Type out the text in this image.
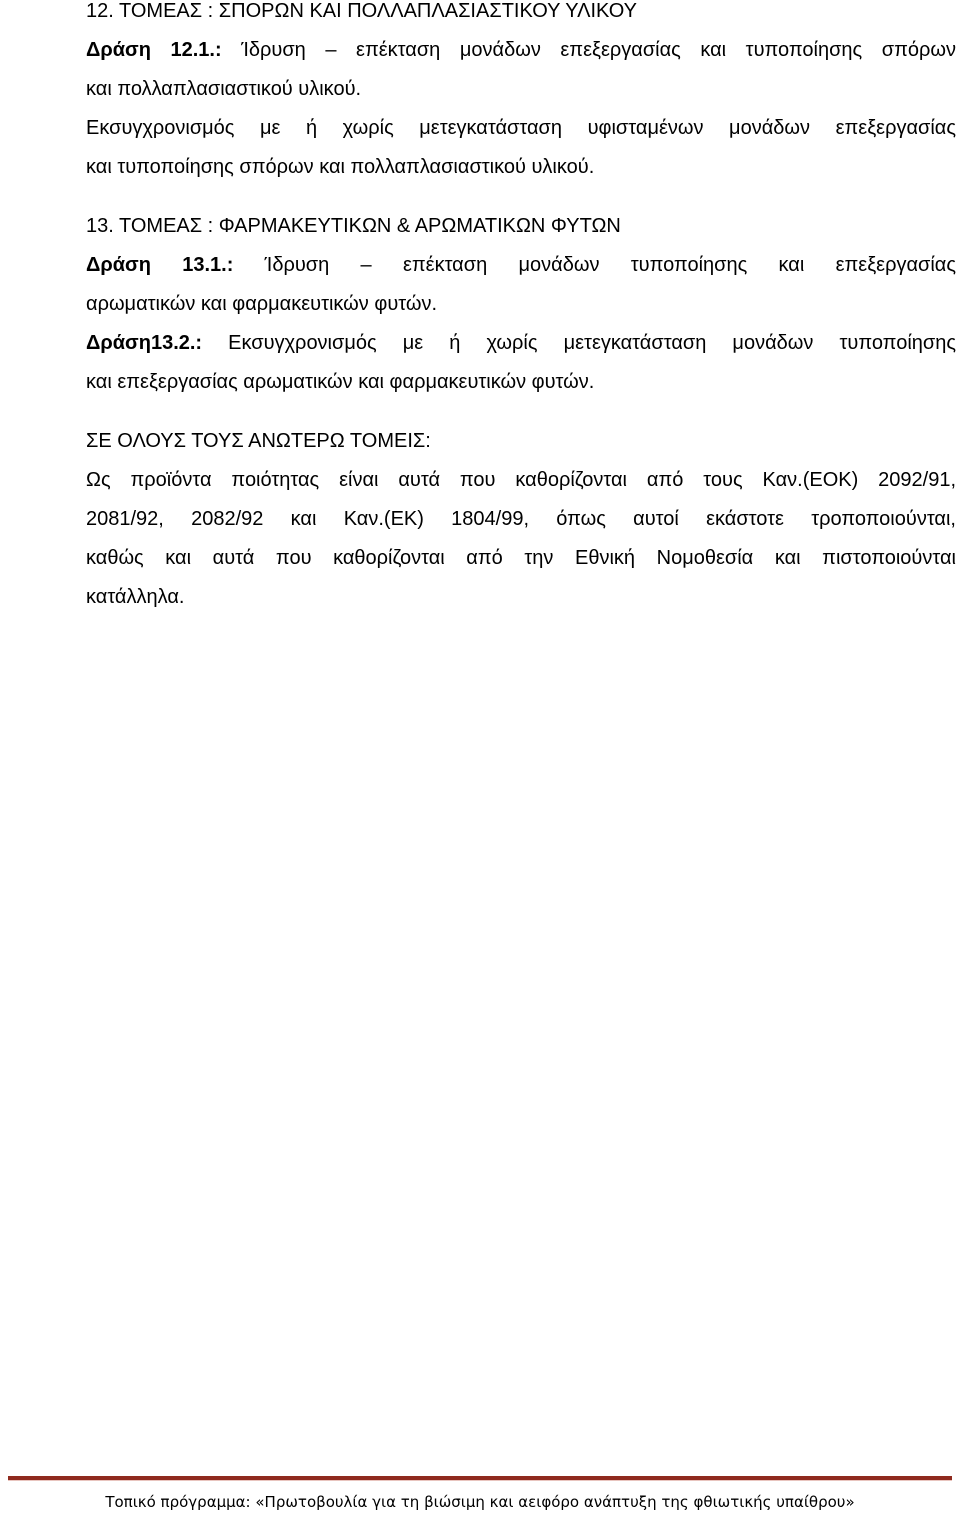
12. ΤΟΜΕΑΣ : ΣΠΟΡΩΝ ΚΑΙ ΠΟΛΛΑΠΛΑΣΙΑΣΤΙΚΟΥ ΥΛΙΚΟΥ
Δράση 12.1.: Ίδρυση – επέκταση μονάδων επεξεργασίας και τυποποίησης σπόρων
και πολλαπλασιαστικού υλικού.
Εκσυγχρονισμός με ή χωρίς μετεγκατάσταση υφισταμένων μονάδων επεξεργασίας
και τυποποίησης σπόρων και πολλαπλασιαστικού υλικού.
13. ΤΟΜΕΑΣ : ΦΑΡΜΑΚΕΥΤΙΚΩΝ & ΑΡΩΜΑΤΙΚΩΝ ΦΥΤΩΝ
Δράση 13.1.: Ίδρυση – επέκταση μονάδων τυποποίησης και επεξεργασίας
αρωματικών και φαρμακευτικών φυτών.
Δράση13.2.: Εκσυγχρονισμός με ή χωρίς μετεγκατάσταση μονάδων τυποποίησης
και επεξεργασίας αρωματικών και φαρμακευτικών φυτών.
ΣΕ ΟΛΟΥΣ ΤΟΥΣ ΑΝΩΤΕΡΩ ΤΟΜΕΙΣ:
Ως προϊόντα ποιότητας είναι αυτά που καθορίζονται από τους Καν.(ΕΟΚ) 2092/91,
2081/92, 2082/92 και Καν.(ΕΚ) 1804/99, όπως αυτοί εκάστοτε τροποποιούνται,
καθώς και αυτά που καθορίζονται από την Εθνική Νομοθεσία και πιστοποιούνται
κατάλληλα.
Τοπικό πρόγραμμα: «Πρωτοβουλία για τη βιώσιμη και αειφόρο ανάπτυξη της φθιωτικής υπαίθρου»
